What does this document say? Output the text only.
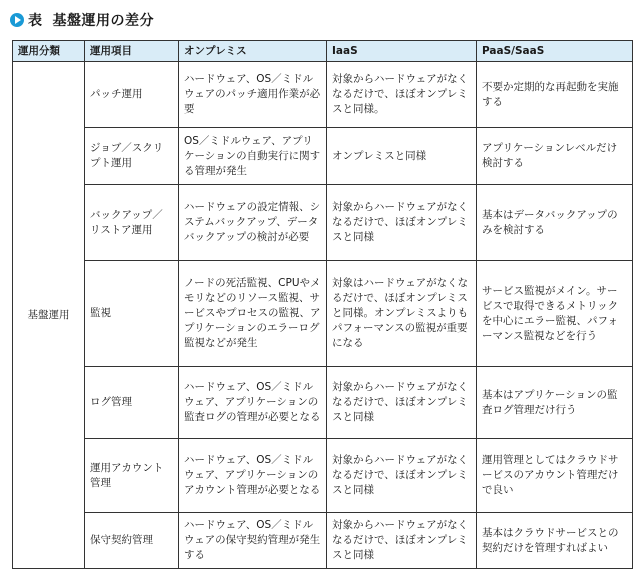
表 基盤運用の差分
運用分類	運用項目	オンプレミス	IaaS	PaaS/SaaS
基盤運用	パッチ運用	ハードウェア、OS／ミドルウェアのパッチ適用作業が必要	対象からハードウェアがなくなるだけで、ほぼオンプレミスと同様。	不要か定期的な再起動を実施する
	ジョブ／スクリプト運用	OS／ミドルウェア、アプリケーションの自動実行に関する管理が発生	オンプレミスと同様	アプリケーションレベルだけ検討する
	バックアップ／リストア運用	ハードウェアの設定情報、システムバックアップ、データバックアップの検討が必要	対象からハードウェアがなくなるだけで、ほぼオンプレミスと同様	基本はデータバックアップのみを検討する
	監視	ノードの死活監視、CPUやメモリなどのリソース監視、サービスやプロセスの監視、アプリケーションのエラーログ監視などが発生	対象はハードウェアがなくなるだけで、ほぼオンプレミスと同様。オンプレミスよりもパフォーマンスの監視が重要になる	サービス監視がメイン。サービスで取得できるメトリックを中心にエラー監視、パフォーマンス監視などを行う
	ログ管理	ハードウェア、OS／ミドルウェア、アプリケーションの監査ログの管理が必要となる	対象からハードウェアがなくなるだけで、ほぼオンプレミスと同様	基本はアプリケーションの監査ログ管理だけ行う
	運用アカウント管理	ハードウェア、OS／ミドルウェア、アプリケーションのアカウント管理が必要となる	対象からハードウェアがなくなるだけで、ほぼオンプレミスと同様	運用管理としてはクラウドサービスのアカウント管理だけで良い
	保守契約管理	ハードウェア、OS／ミドルウェアの保守契約管理が発生する	対象からハードウェアがなくなるだけで、ほぼオンプレミスと同様	基本はクラウドサービスとの契約だけを管理すればよい
